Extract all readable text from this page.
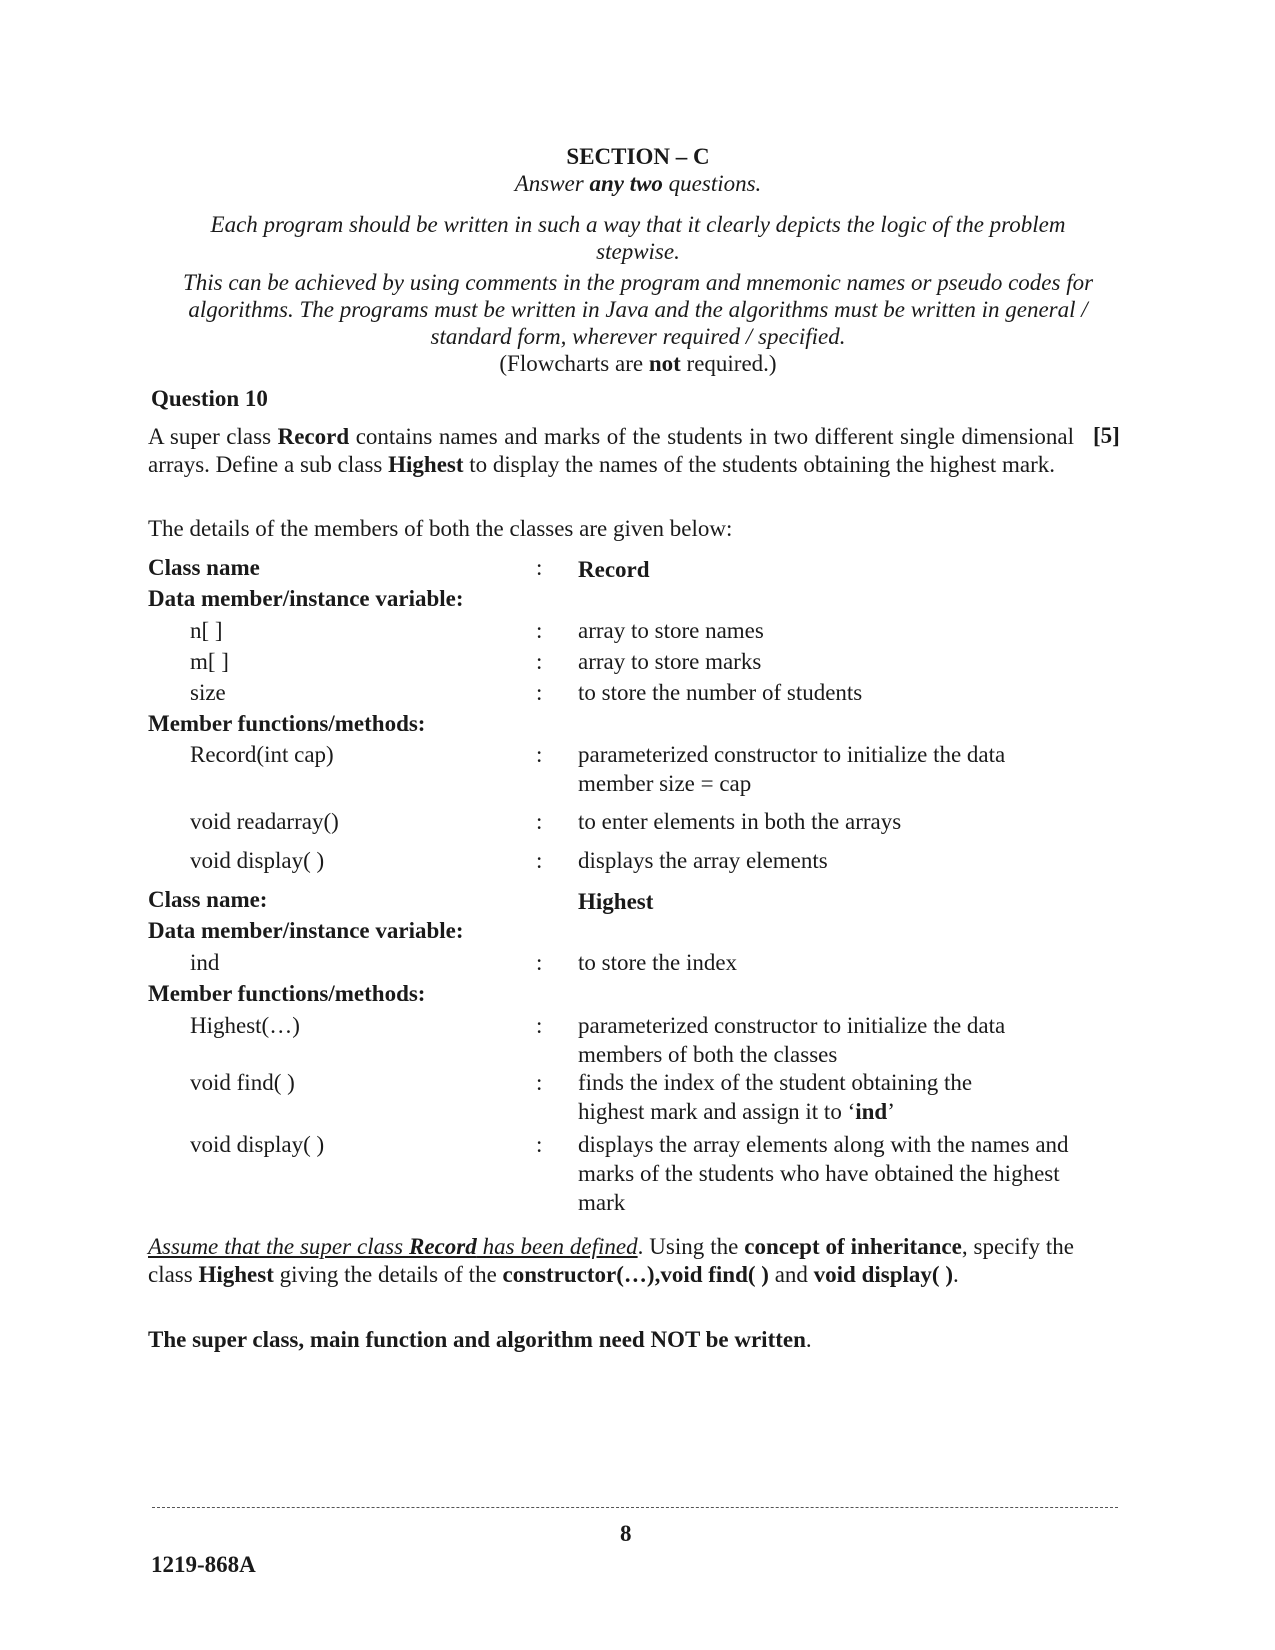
SECTION – C
Answer any two questions.
Each program should be written in such a way that it clearly depicts the logic of the problem stepwise.
This can be achieved by using comments in the program and mnemonic names or pseudo codes for algorithms. The programs must be written in Java and the algorithms must be written in general / standard form, wherever required / specified.
(Flowcharts are not required.)
Question 10
A super class Record contains names and marks of the students in two different single dimensional arrays. Define a sub class Highest to display the names of the students obtaining the highest mark.
[5]
The details of the members of both the classes are given below:
Class name	: Record
Data member/instance variable:
n[ ]	: array to store names
m[ ]	: array to store marks
size	: to store the number of students
Member functions/methods:
Record(int cap)	: parameterized constructor to initialize the data member size = cap
void readarray()	: to enter elements in both the arrays
void display( )	: displays the array elements
Class name:	Highest
Data member/instance variable:
ind	: to store the index
Member functions/methods:
Highest(…)	: parameterized constructor to initialize the data members of both the classes
void find( )	: finds the index of the student obtaining the highest mark and assign it to ‘ind’
void display( )	: displays the array elements along with the names and marks of the students who have obtained the highest mark
Assume that the super class Record has been defined. Using the concept of inheritance, specify the class Highest giving the details of the constructor(…),void find( ) and void display( ).
The super class, main function and algorithm need NOT be written.
8
1219-868A
